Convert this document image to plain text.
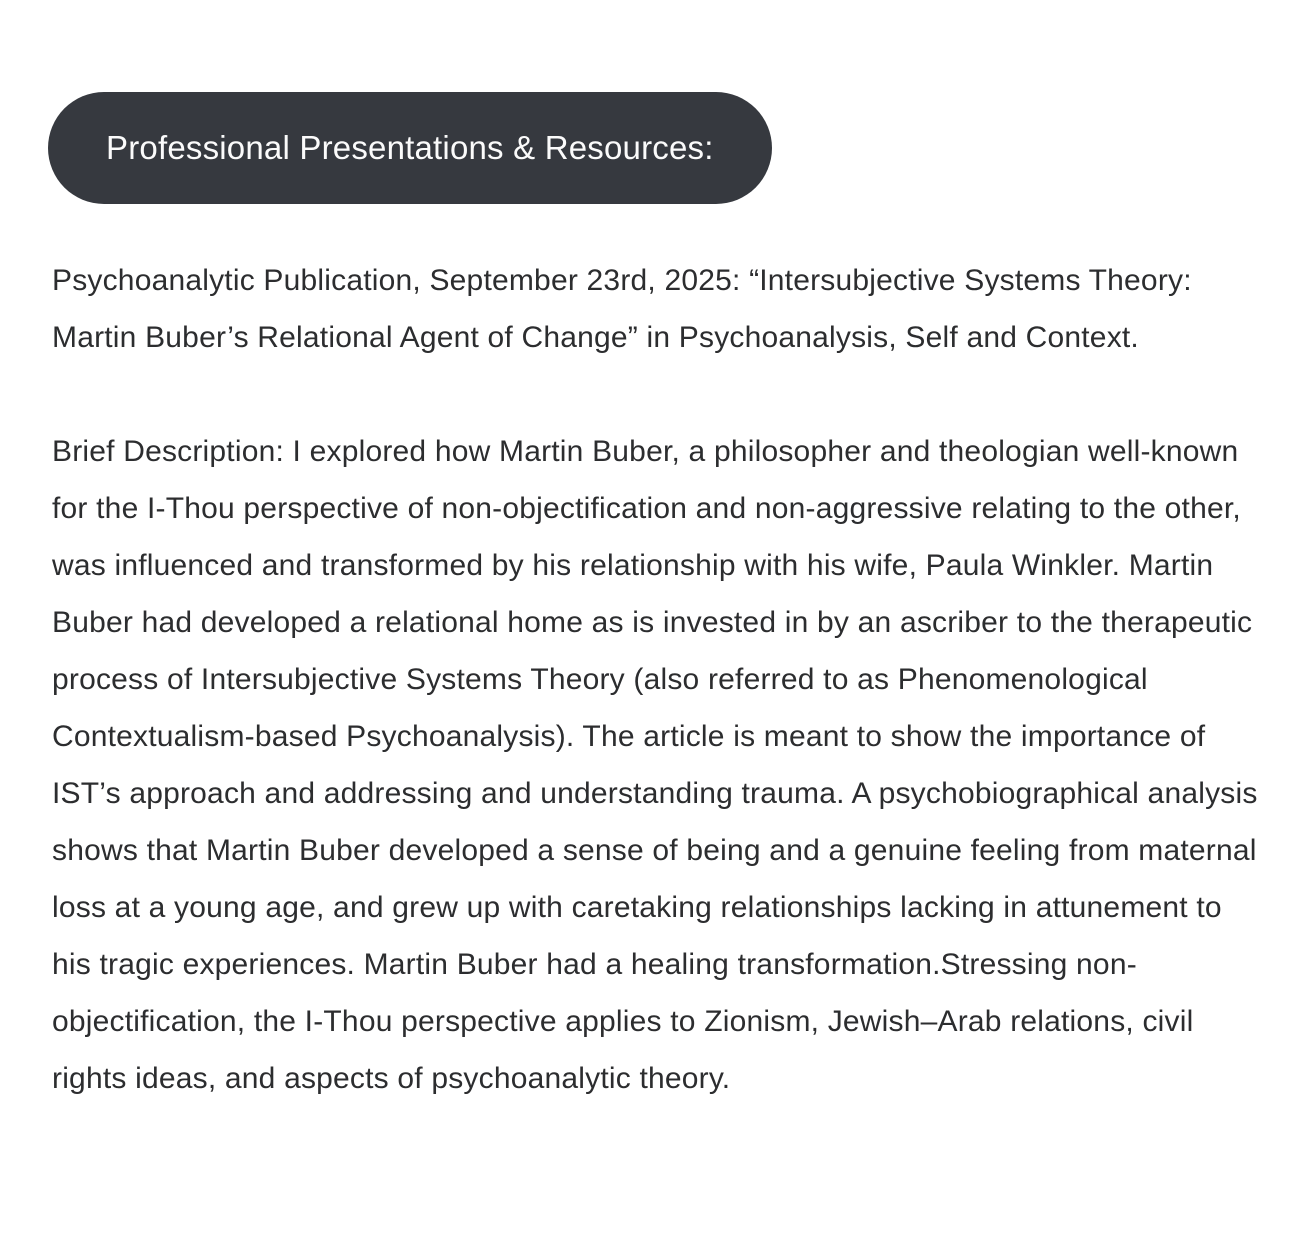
Professional Presentations & Resources:

Psychoanalytic Publication, September 23rd, 2025: “Intersubjective Systems Theory: Martin Buber’s Relational Agent of Change” in Psychoanalysis, Self and Context.

Brief Description: I explored how Martin Buber, a philosopher and theologian well-known for the I-Thou perspective of non-objectification and non-aggressive relating to the other, was influenced and transformed by his relationship with his wife, Paula Winkler. Martin Buber had developed a relational home as is invested in by an ascriber to the therapeutic process of Intersubjective Systems Theory (also referred to as Phenomenological Contextualism-based Psychoanalysis). The article is meant to show the importance of IST’s approach and addressing and understanding trauma. A psychobiographical analysis shows that Martin Buber developed a sense of being and a genuine feeling from maternal loss at a young age, and grew up with caretaking relationships lacking in attunement to his tragic experiences. Martin Buber had a healing transformation.Stressing non-objectification, the I-Thou perspective applies to Zionism, Jewish–Arab relations, civil rights ideas, and aspects of psychoanalytic theory.
